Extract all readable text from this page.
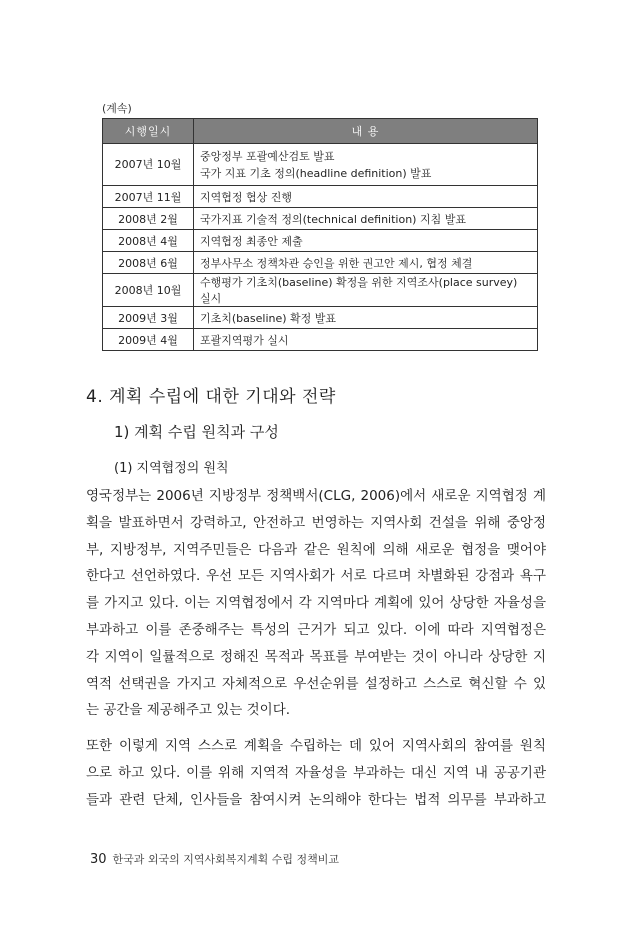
(계속)
시행일시	내 용
2007년 10월	중앙정부 포괄예산검토 발표
국가 지표 기초 정의(headline definition) 발표

2007년 11월	지역협정 협상 진행
2008년 2월	국가지표 기술적 정의(technical definition) 지침 발표
2008년 4월	지역협정 최종안 제출
2008년 6월	정부사무소 정책차관 승인을 위한 권고안 제시, 협정 체결
2008년 10월	수행평가 기초치(baseline) 확정을 위한 지역조사(place survey) 실시
2009년 3월	기초치(baseline) 확정 발표
2009년 4월	포괄지역평가 실시
4. 계획 수립에 대한 기대와 전략
1) 계획 수립 원칙과 구성
(1) 지역협정의 원칙
영국정부는 2006년 지방정부 정책백서(CLG, 2006)에서 새로운 지역협정 계
획을 발표하면서 강력하고, 안전하고 번영하는 지역사회 건설을 위해 중앙정
부, 지방정부, 지역주민들은 다음과 같은 원칙에 의해 새로운 협정을 맺어야
한다고 선언하였다. 우선 모든 지역사회가 서로 다르며 차별화된 강점과 욕구
를 가지고 있다. 이는 지역협정에서 각 지역마다 계획에 있어 상당한 자율성을
부과하고 이를 존중해주는 특성의 근거가 되고 있다. 이에 따라 지역협정은
각 지역이 일률적으로 정해진 목적과 목표를 부여받는 것이 아니라 상당한 지
역적 선택권을 가지고 자체적으로 우선순위를 설정하고 스스로 혁신할 수 있
는 공간을 제공해주고 있는 것이다.
또한 이렇게 지역 스스로 계획을 수립하는 데 있어 지역사회의 참여를 원칙
으로 하고 있다. 이를 위해 지역적 자율성을 부과하는 대신 지역 내 공공기관
들과 관련 단체, 인사들을 참여시켜 논의해야 한다는 법적 의무를 부과하고
30 한국과 외국의 지역사회복지계획 수립 정책비교
